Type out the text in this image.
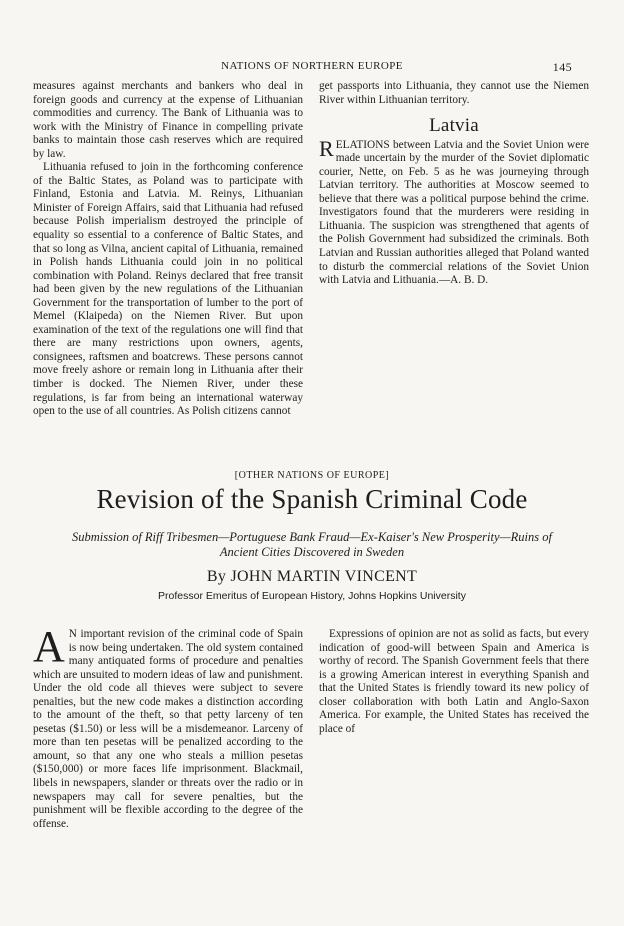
NATIONS OF NORTHERN EUROPE	145

measures against merchants and bankers who deal in foreign goods and currency at the expense of Lithuanian commodities and currency. The Bank of Lithuania was to work with the Ministry of Finance in compelling private banks to maintain those cash reserves which are required by law.

Lithuania refused to join in the forthcoming conference of the Baltic States, as Poland was to participate with Finland, Estonia and Latvia. M. Reinys, Lithuanian Minister of Foreign Affairs, said that Lithuania had refused because Polish imperialism destroyed the principle of equality so essential to a conference of Baltic States, and that so long as Vilna, ancient capital of Lithuania, remained in Polish hands Lithuania could join in no political combination with Poland. Reinys declared that free transit had been given by the new regulations of the Lithuanian Government for the transportation of lumber to the port of Memel (Klaipeda) on the Niemen River. But upon examination of the text of the regulations one will find that there are many restrictions upon owners, agents, consignees, raftsmen and boatcrews. These persons cannot move freely ashore or remain long in Lithuania after their timber is docked. The Niemen River, under these regulations, is far from being an international waterway open to the use of all countries. As Polish citizens cannot

get passports into Lithuania, they cannot use the Niemen River within Lithuanian territory.

Latvia

RELATIONS between Latvia and the Soviet Union were made uncertain by the murder of the Soviet diplomatic courier, Nette, on Feb. 5 as he was journeying through Latvian territory. The authorities at Moscow seemed to believe that there was a political purpose behind the crime. Investigators found that the murderers were residing in Lithuania. The suspicion was strengthened that agents of the Polish Government had subsidized the criminals. Both Latvian and Russian authorities alleged that Poland wanted to disturb the commercial relations of the Soviet Union with Latvia and Lithuania.—A. B. D.

[OTHER NATIONS OF EUROPE]
Revision of the Spanish Criminal Code
Submission of Riff Tribesmen—Portuguese Bank Fraud—Ex-Kaiser's New Prosperity—Ruins of Ancient Cities Discovered in Sweden
By JOHN MARTIN VINCENT
Professor Emeritus of European History, Johns Hopkins University

A N important revision of the criminal code of Spain is now being undertaken. The old system contained many antiquated forms of procedure and penalties which are unsuited to modern ideas of law and punishment. Under the old code all thieves were subject to severe penalties, but the new code makes a distinction according to the amount of the theft, so that petty larceny of ten pesetas ($1.50) or less will be a misdemeanor. Larceny of more than ten pesetas will be penalized according to the amount, so that any one who steals a million pesetas ($150,000) or more faces life imprisonment. Blackmail, libels in newspapers, slander or threats over the radio or in newspapers may call for severe penalties, but the punishment will be flexible according to the degree of the offense.

Expressions of opinion are not as solid as facts, but every indication of good-will between Spain and America is worthy of record. The Spanish Government feels that there is a growing American interest in everything Spanish and that the United States is friendly toward its new policy of closer collaboration with both Latin and Anglo-Saxon America. For example, the United States has received the place of
